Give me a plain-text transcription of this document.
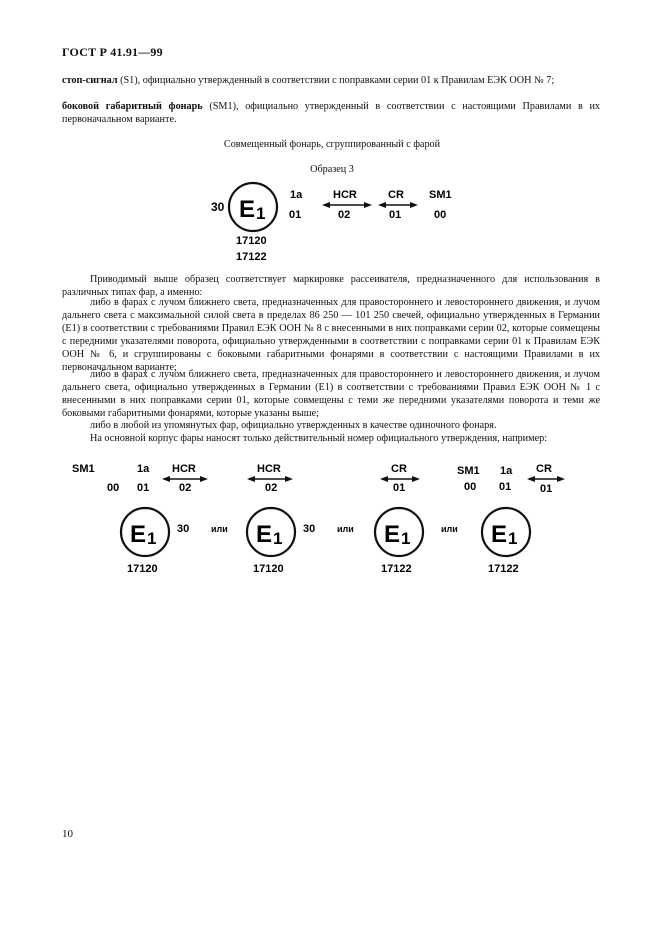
ГОСТ Р 41.91—99
стоп-сигнал (S1), официально утвержденный в соответствии с поправками серии 01 к Правилам ЕЭК ООН № 7;
боковой габаритный фонарь (SM1), официально утвержденный в соответствии с настоящими Правилами в их первоначальном варианте.
Совмещенный фонарь, сгруппированный с фарой
Образец 3
30 E 1
1a
01
HCR
02
CR
01
SM1
00
17120
17122
Приводимый выше образец соответствует маркировке рассеивателя, предназначенного для использования в различных типах фар, а именно:
либо в фарах с лучом ближнего света, предназначенных для правостороннего и левостороннего движения, и лучом дальнего света с максимальной силой света в пределах 86 250 — 101 250 свечей, официально утвержденных в Германии (E1) в соответствии с требованиями Правил ЕЭК ООН № 8 с внесенными в них поправками серии 02, которые совмещены с передними указателями поворота, официально утвержденными в соответствии с поправками серии 01 к Правилам ЕЭК ООН № 6, и сгруппированы с боковыми габаритными фонарями в соответствии с настоящими Правилами в их первоначальном варианте;
либо в фарах с лучом ближнего света, предназначенных для правостороннего и левостороннего движения, и лучом дальнего света, официально утвержденных в Германии (E1) в соответствии с требованиями Правил ЕЭК ООН № 1 с внесенными в них поправками серии 01, которые совмещены с теми же передними указателями поворота и теми же боковыми габаритными фонарями, которые указаны выше;
либо в любой из упомянутых фар, официально утвержденных в качестве одиночного фонаря.
На основной корпус фары наносят только действительный номер официального утверждения, например:
SM1
00
1a
01
HCR
02
E 1 30
17120
или
HCR
02
E 1 30
17120
или
CR
01
E 1
17122
или
SM1
00
1a
01
CR
01
E 1
17122
10
